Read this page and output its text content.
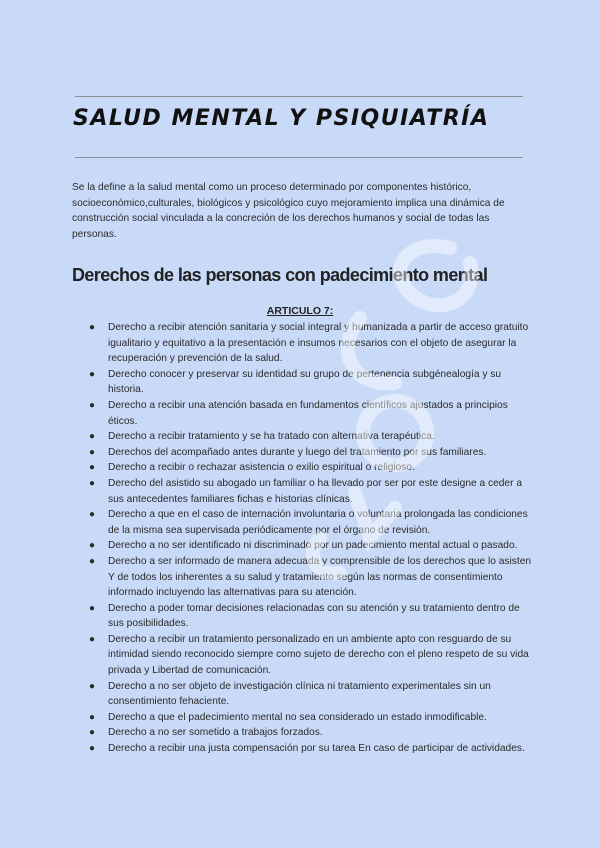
SALUD MENTAL Y PSIQUIATRÍA

Se la define a la salud mental como un proceso determinado por componentes histórico, socioeconómico,culturales, biológicos y psicológico cuyo mejoramiento implica una dinámica de construcción social vinculada a la concreción de los derechos humanos y social de todas las personas.

Derechos de las personas con padecimiento mental

ARTICULO 7:

● Derecho a recibir atención sanitaria y social integral y humanizada a partir de acceso gratuito igualitario y equitativo a la presentación e insumos necesarios con el objeto de asegurar la recuperación y prevención de la salud.
● Derecho conocer y preservar su identidad su grupo de pertenencia subgénealogía y su historia.
● Derecho a recibir una atención basada en fundamentos científicos ajustados a principios éticos.
● Derecho a recibir tratamiento y se ha tratado con alternativa terapéutica.
● Derechos del acompañado antes durante y luego del tratamiento por sus familiares.
● Derecho a recibir o rechazar asistencia o exilio espiritual o religioso.
● Derecho del asistido su abogado un familiar o ha llevado por ser por este designe a ceder a sus antecedentes familiares fichas e historias clínicas.
● Derecho a que en el caso de internación involuntaria o voluntaria prolongada las condiciones de la misma sea supervisada periódicamente por el órgano de revisión.
● Derecho a no ser identificado ni discriminado por un padecimiento mental actual o pasado.
● Derecho a ser informado de manera adecuada y comprensible de los derechos que lo asisten Y de todos los inherentes a su salud y tratamiento según las normas de consentimiento informado incluyendo las alternativas para su atención.
● Derecho a poder tomar decisiones relacionadas con su atención y su tratamiento dentro de sus posibilidades.
● Derecho a recibir un tratamiento personalizado en un ambiente apto con resguardo de su intimidad siendo reconocido siempre como sujeto de derecho con el pleno respeto de su vida privada y Libertad de comunicación.
● Derecho a no ser objeto de investigación clínica ni tratamiento experimentales sin un consentimiento fehaciente.
● Derecho a que el padecimiento mental no sea considerado un estado inmodificable.
● Derecho a no ser sometido a trabajos forzados.
● Derecho a recibir una justa compensación por su tarea En caso de participar de actividades.
